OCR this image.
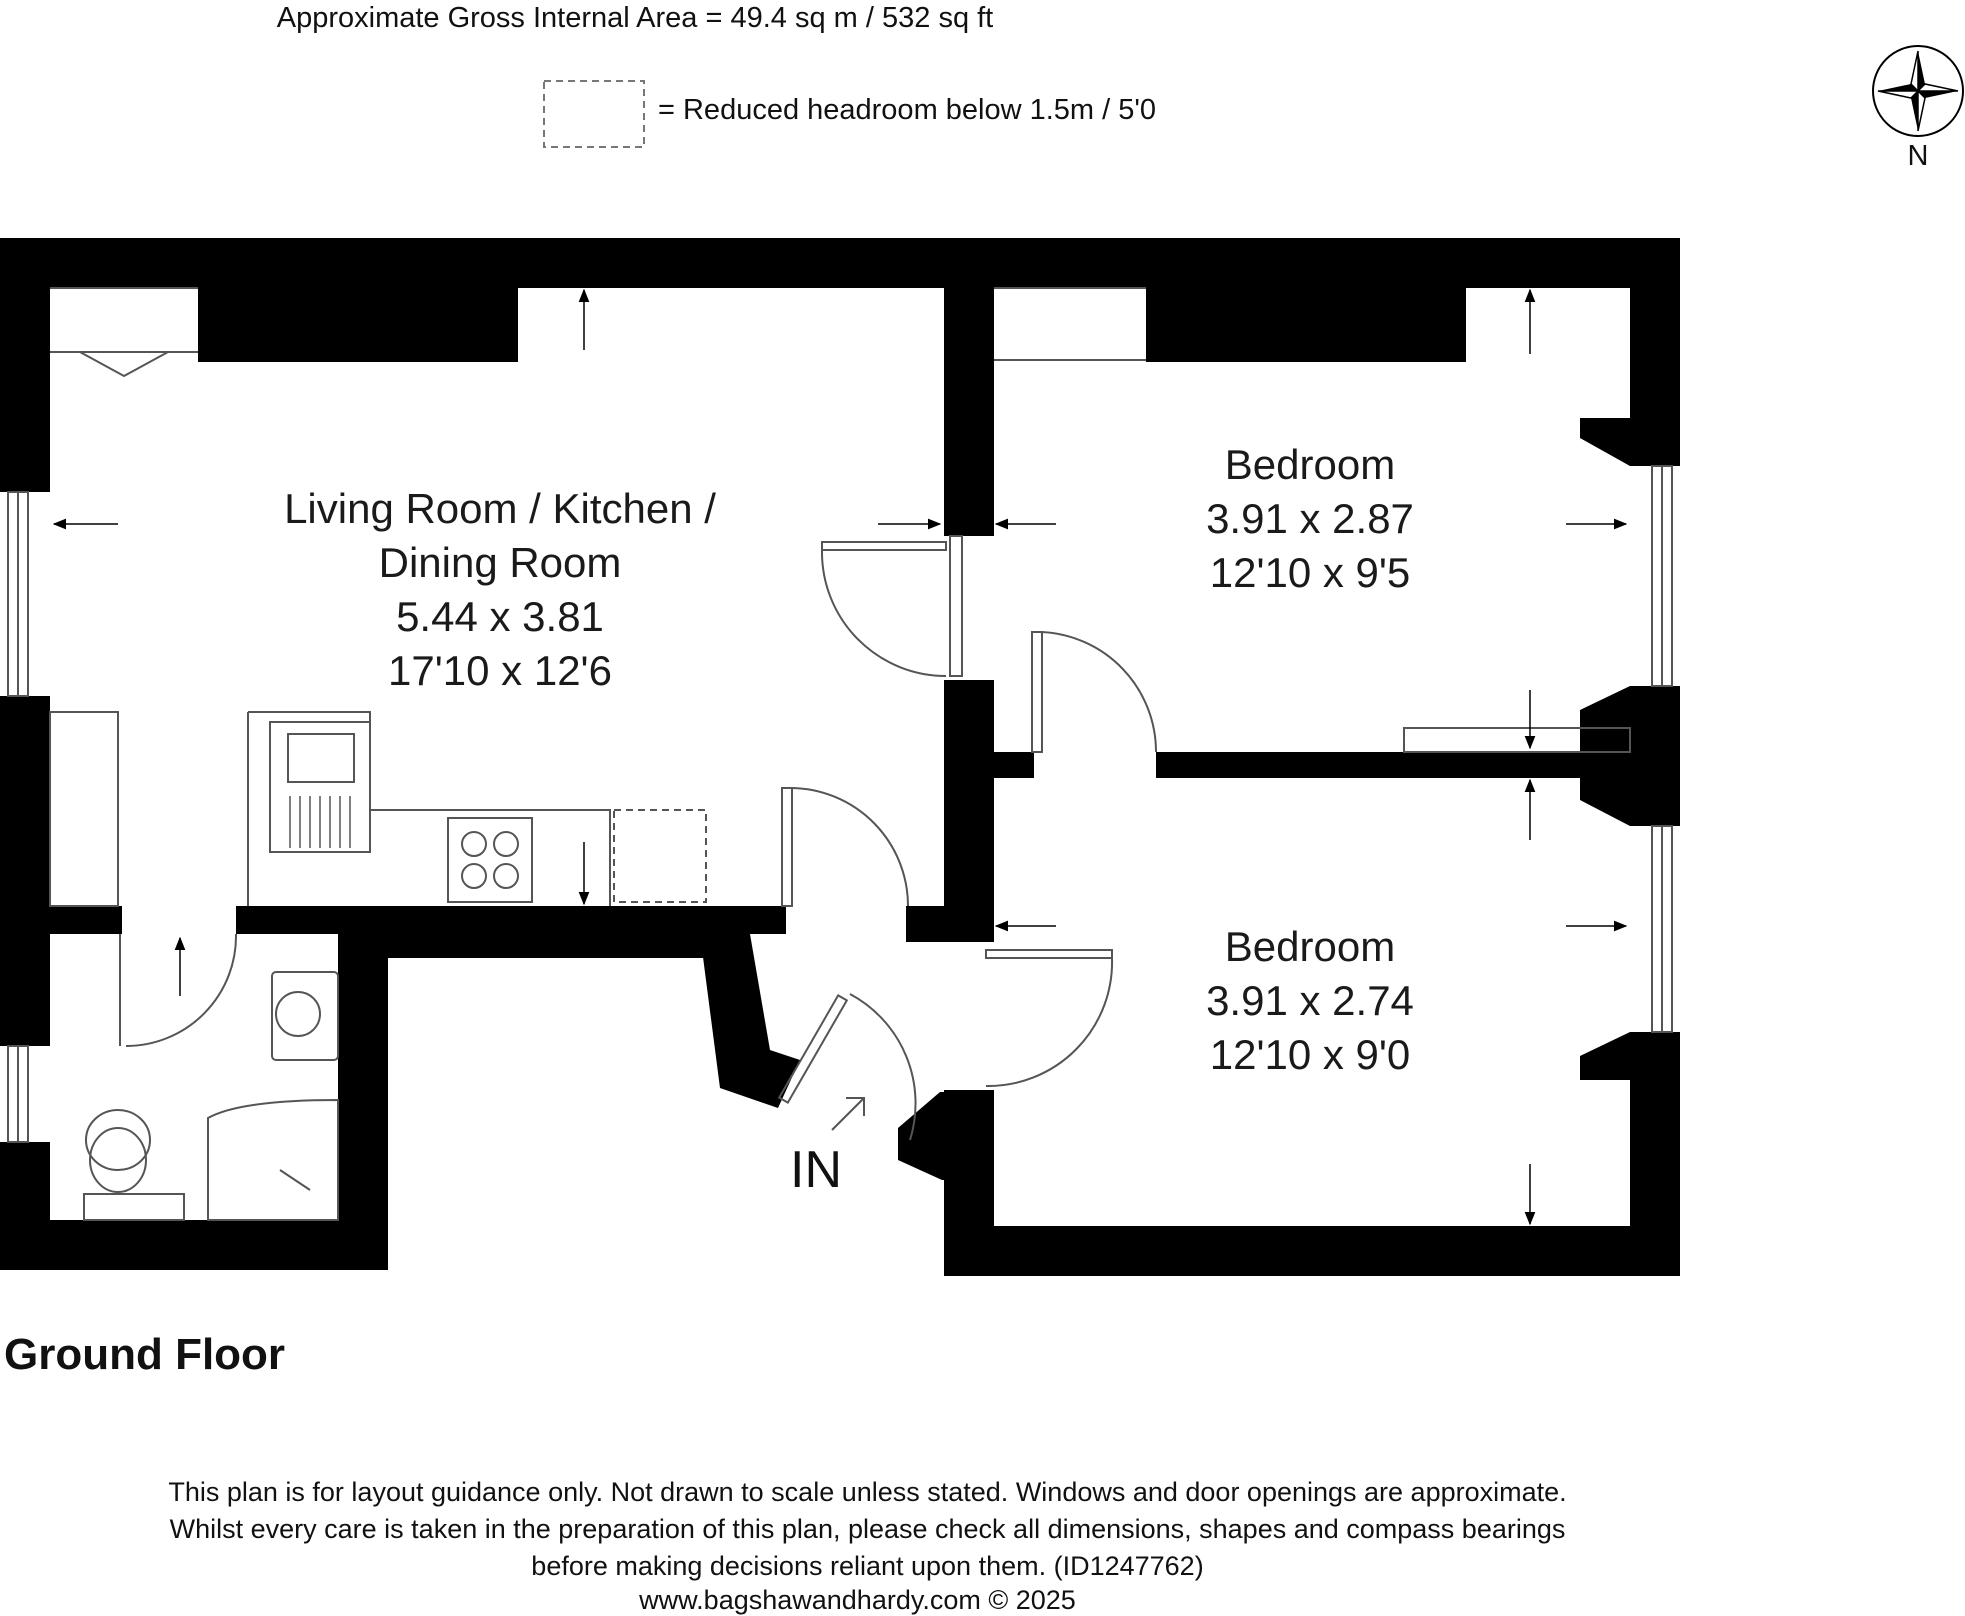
Approximate Gross Internal Area = 49.4 sq m / 532 sq ft
= Reduced headroom below 1.5m / 5'0
N
Living Room / Kitchen /
Dining Room
5.44 x 3.81
17'10 x 12'6
Bedroom
3.91 x 2.87
12'10 x 9'5
Bedroom
3.91 x 2.74
12'10 x 9'0
IN
Ground Floor
This plan is for layout guidance only. Not drawn to scale unless stated. Windows and door openings are approximate.
Whilst every care is taken in the preparation of this plan, please check all dimensions, shapes and compass bearings
before making decisions reliant upon them. (ID1247762)
www.bagshawandhardy.com © 2025
